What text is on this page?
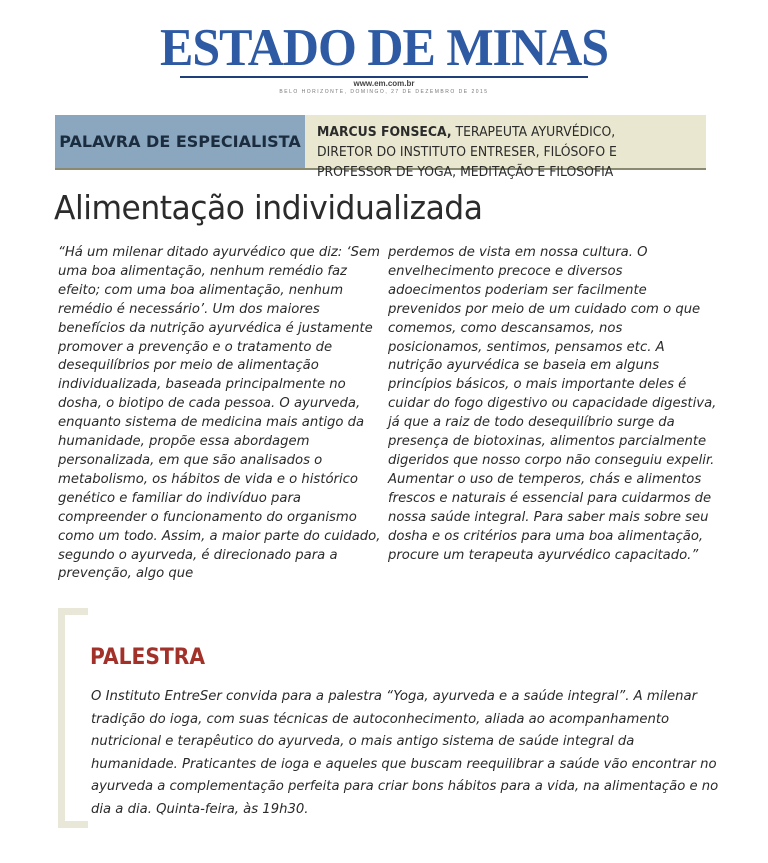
ESTADO DE MINAS
www.em.com.br
BELO HORIZONTE, DOMINGO, 27 DE DEZEMBRO DE 2015
PALAVRA DE ESPECIALISTA MARCUS FONSECA, TERAPEUTA AYURVÉDICO, DIRETOR DO INSTITUTO ENTRESER, FILÓSOFO E PROFESSOR DE YOGA, MEDITAÇÃO E FILOSOFIA
Alimentação individualizada
“Há um milenar ditado ayurvédico que diz: ‘Sem uma boa alimentação, nenhum remédio faz efeito; com uma boa alimentação, nenhum remédio é necessário’. Um dos maiores benefícios da nutrição ayurvédica é justamente promover a prevenção e o tratamento de desequilíbrios por meio de alimentação individualizada, baseada principalmente no dosha, o biotipo de cada pessoa. O ayurveda, enquanto sistema de medicina mais antigo da humanidade, propõe essa abordagem personalizada, em que são analisados o metabolismo, os hábitos de vida e o histórico genético e familiar do indivíduo para compreender o funcionamento do organismo como um todo. Assim, a maior parte do cuidado, segundo o ayurveda, é direcionado para a prevenção, algo que
perdemos de vista em nossa cultura. O envelhecimento precoce e diversos adoecimentos poderiam ser facilmente prevenidos por meio de um cuidado com o que comemos, como descansamos, nos posicionamos, sentimos, pensamos etc. A nutrição ayurvédica se baseia em alguns princípios básicos, o mais importante deles é cuidar do fogo digestivo ou capacidade digestiva, já que a raiz de todo desequilíbrio surge da presença de biotoxinas, alimentos parcialmente digeridos que nosso corpo não conseguiu expelir. Aumentar o uso de temperos, chás e alimentos frescos e naturais é essencial para cuidarmos de nossa saúde integral. Para saber mais sobre seu dosha e os critérios para uma boa alimentação, procure um terapeuta ayurvédico capacitado.”
PALESTRA
O Instituto EntreSer convida para a palestra “Yoga, ayurveda e a saúde integral”. A milenar tradição do ioga, com suas técnicas de autoconhecimento, aliada ao acompanhamento nutricional e terapêutico do ayurveda, o mais antigo sistema de saúde integral da humanidade. Praticantes de ioga e aqueles que buscam reequilibrar a saúde vão encontrar no ayurveda a complementação perfeita para criar bons hábitos para a vida, na alimentação e no dia a dia. Quinta-feira, às 19h30.
